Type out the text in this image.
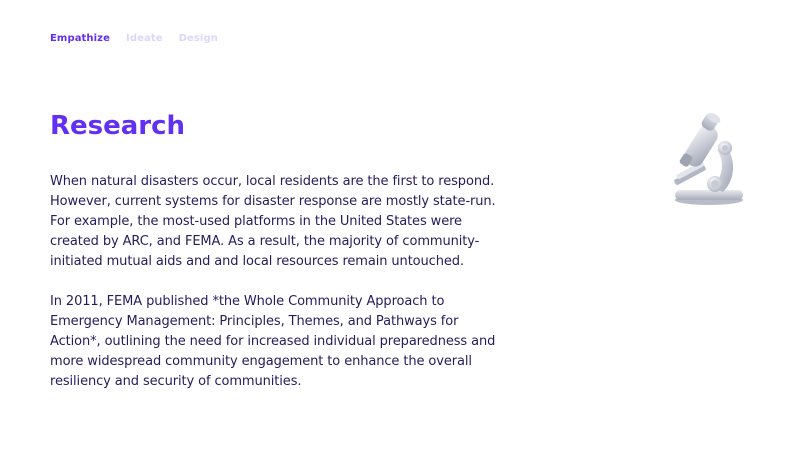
Empathize Ideate Design
Research

When natural disasters occur, local residents are the first to respond. However, current systems for disaster response are mostly state-run. For example, the most-used platforms in the United States were created by ARC, and FEMA. As a result, the majority of community-initiated mutual aids and and local resources remain untouched.

In 2011, FEMA published *the Whole Community Approach to Emergency Management: Principles, Themes, and Pathways for Action*, outlining the need for increased individual preparedness and more widespread community engagement to enhance the overall resiliency and security of communities.
